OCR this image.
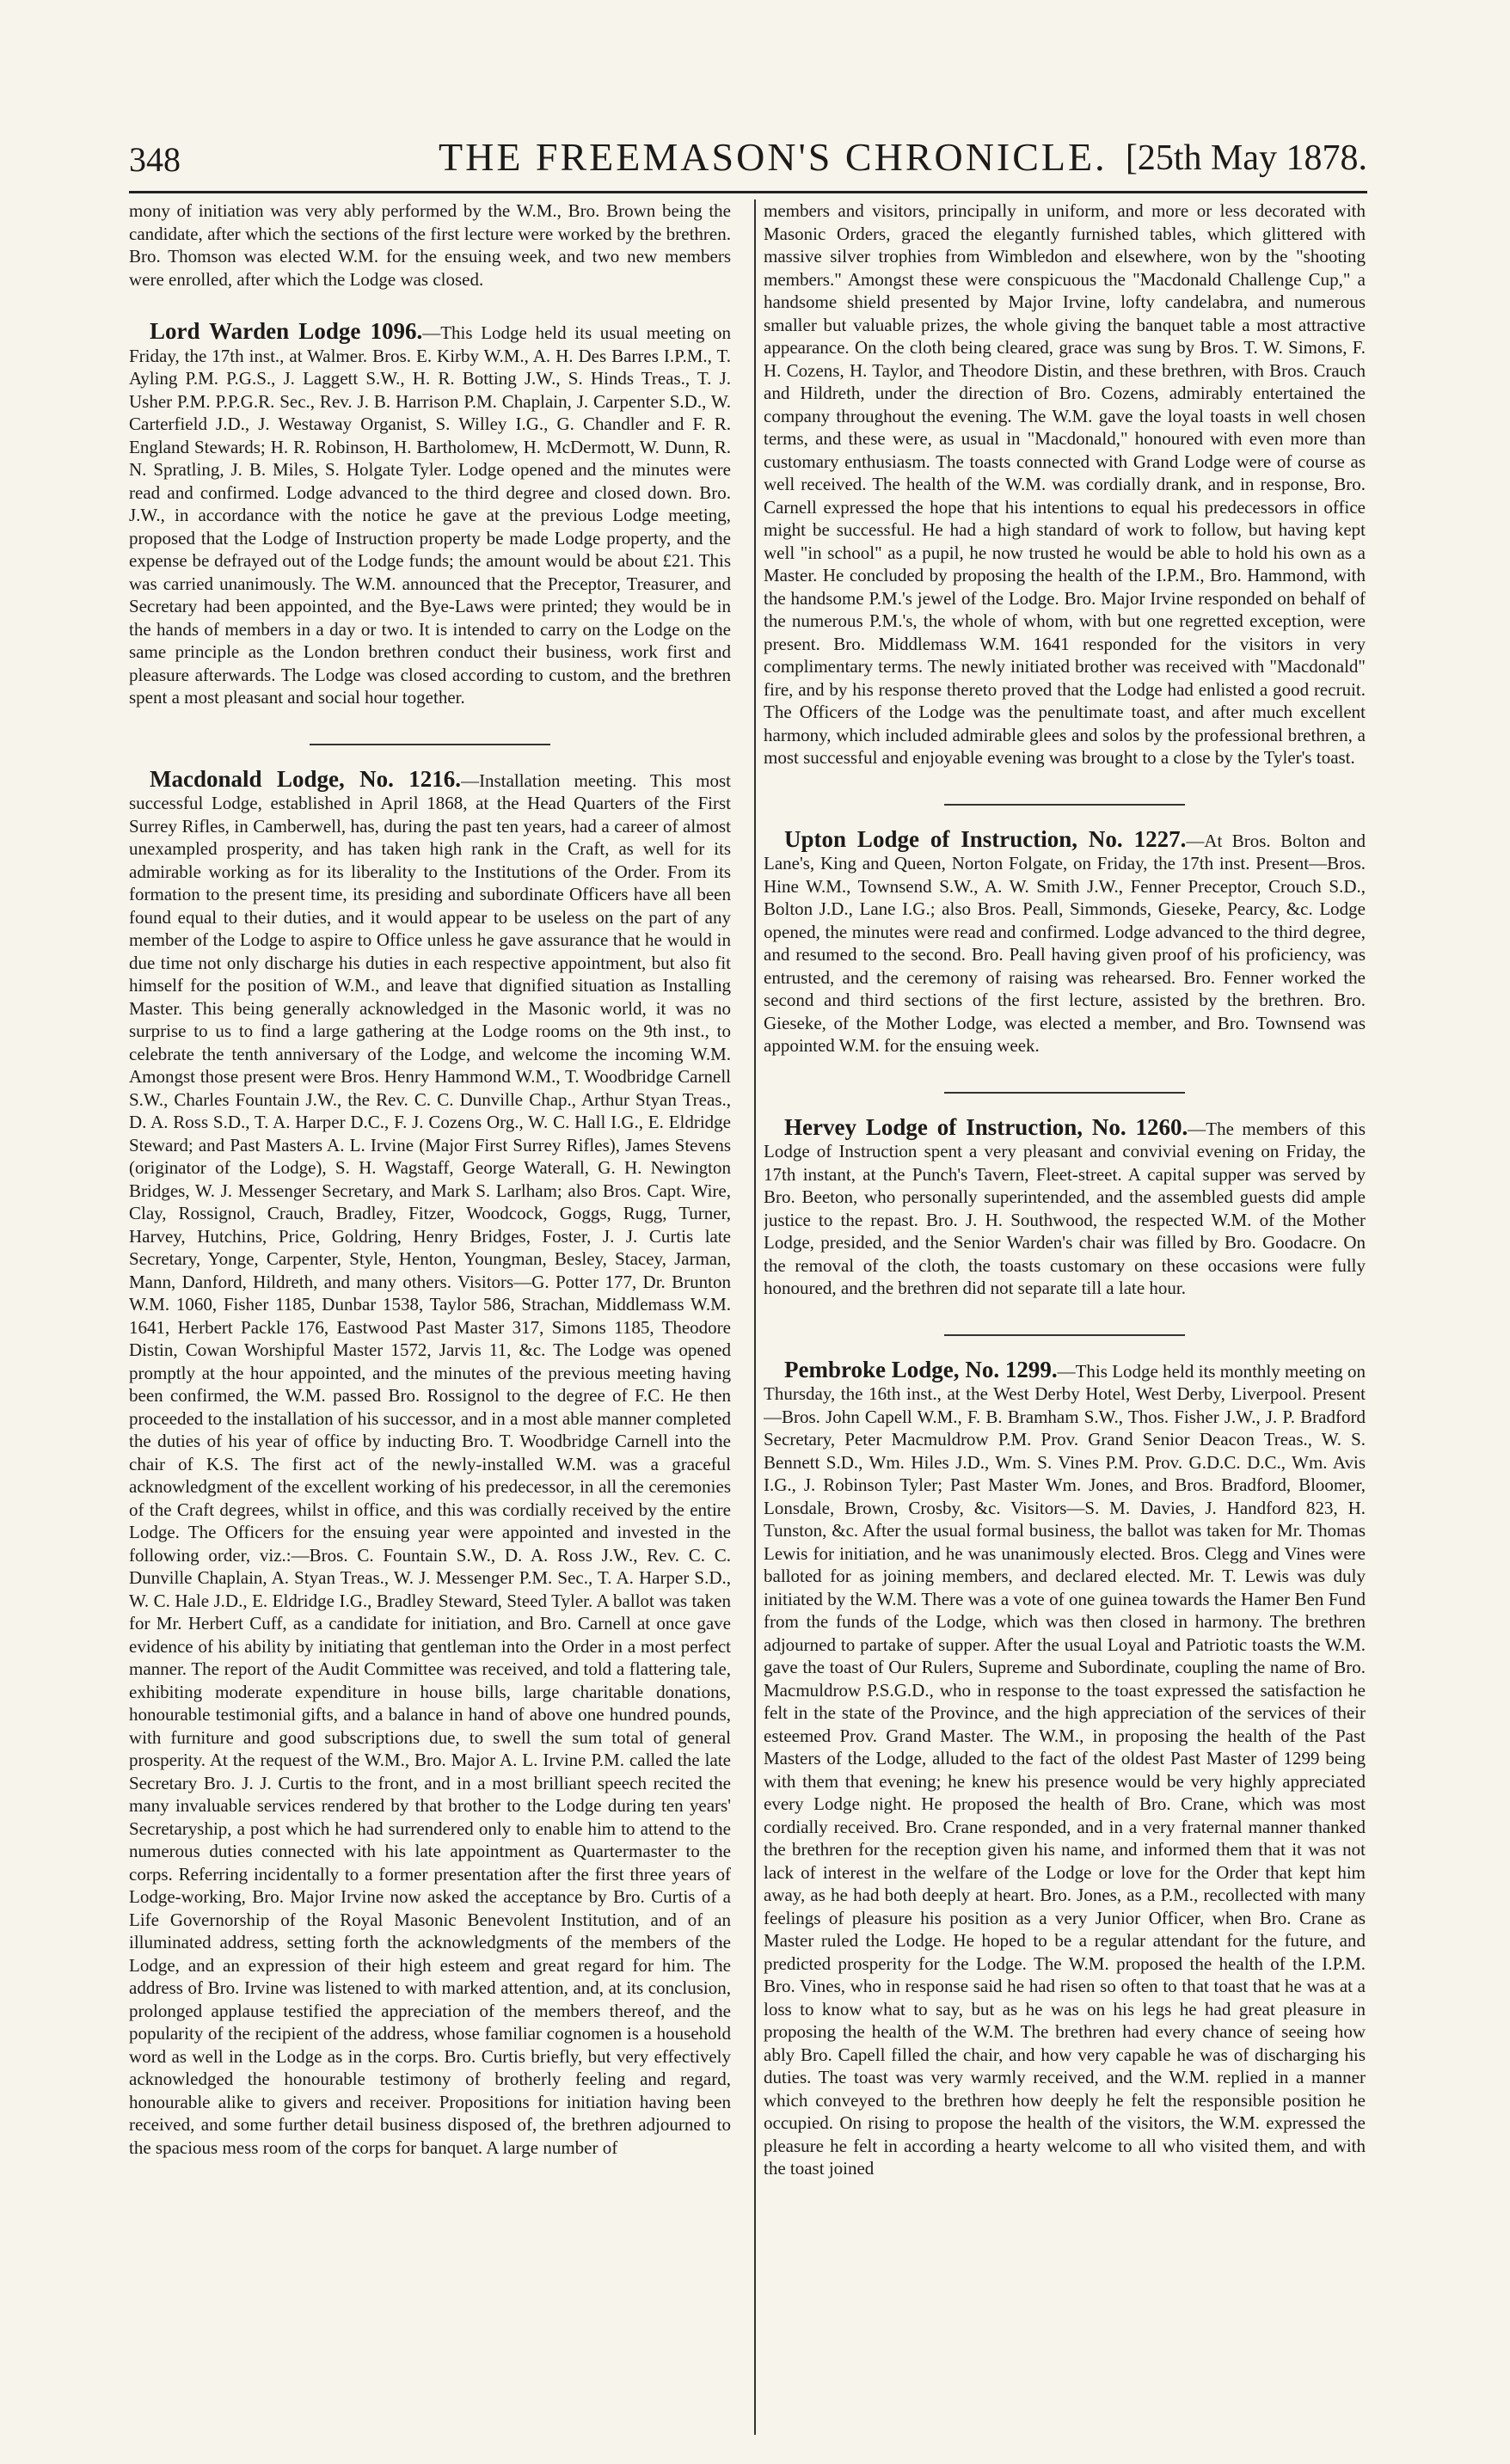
348	THE FREEMASON'S CHRONICLE. [25th May 1878.

mony of initiation was very ably performed by the W.M., Bro. Brown being the candidate, after which the sections of the first lecture were worked by the brethren. Bro. Thomson was elected W.M. for the ensuing week, and two new members were enrolled, after which the Lodge was closed.

Lord Warden Lodge 1096.—This Lodge held its usual meeting on Friday, the 17th inst., at Walmer. Bros. E. Kirby W.M., A. H. Des Barres I.P.M., T. Ayling P.M. P.G.S., J. Laggett S.W., H. R. Botting J.W., S. Hinds Treas., T. J. Usher P.M. P.P.G.R. Sec., Rev. J. B. Harrison P.M. Chaplain, J. Carpenter S.D., W. Carterfield J.D., J. Westaway Organist, S. Willey I.G., G. Chandler and F. R. England Stewards; H. R. Robinson, H. Bartholomew, H. McDermott, W. Dunn, R. N. Spratling, J. B. Miles, S. Holgate Tyler. Lodge opened and the minutes were read and confirmed. Lodge advanced to the third degree and closed down. Bro. J.W., in accordance with the notice he gave at the previous Lodge meeting, proposed that the Lodge of Instruction property be made Lodge property, and the expense be defrayed out of the Lodge funds; the amount would be about £21. This was carried unanimously. The W.M. announced that the Preceptor, Treasurer, and Secretary had been appointed, and the Bye-Laws were printed; they would be in the hands of members in a day or two. It is intended to carry on the Lodge on the same principle as the London brethren conduct their business, work first and pleasure afterwards. The Lodge was closed according to custom, and the brethren spent a most pleasant and social hour together.

Macdonald Lodge, No. 1216.—Installation meeting. This most successful Lodge, established in April 1868, at the Head Quarters of the First Surrey Rifles, in Camberwell, has, during the past ten years, had a career of almost unexampled prosperity, and has taken high rank in the Craft, as well for its admirable working as for its liberality to the Institutions of the Order. From its formation to the present time, its presiding and subordinate Officers have all been found equal to their duties, and it would appear to be useless on the part of any member of the Lodge to aspire to Office unless he gave assurance that he would in due time not only discharge his duties in each respective appointment, but also fit himself for the position of W.M., and leave that dignified situation as Installing Master. This being generally acknowledged in the Masonic world, it was no surprise to us to find a large gathering at the Lodge rooms on the 9th inst., to celebrate the tenth anniversary of the Lodge, and welcome the incoming W.M. Amongst those present were Bros. Henry Hammond W.M., T. Woodbridge Carnell S.W., Charles Fountain J.W., the Rev. C. C. Dunville Chap., Arthur Styan Treas., D. A. Ross S.D., T. A. Harper D.C., F. J. Cozens Org., W. C. Hall I.G., E. Eldridge Steward; and Past Masters A. L. Irvine (Major First Surrey Rifles), James Stevens (originator of the Lodge), S. H. Wagstaff, George Waterall, G. H. Newington Bridges, W. J. Messenger Secretary, and Mark S. Larlham; also Bros. Capt. Wire, Clay, Rossignol, Crauch, Bradley, Fitzer, Woodcock, Goggs, Rugg, Turner, Harvey, Hutchins, Price, Goldring, Henry Bridges, Foster, J. J. Curtis late Secretary, Yonge, Carpenter, Style, Henton, Youngman, Besley, Stacey, Jarman, Mann, Danford, Hildreth, and many others. Visitors—G. Potter 177, Dr. Brunton W.M. 1060, Fisher 1185, Dunbar 1538, Taylor 586, Strachan, Middlemass W.M. 1641, Herbert Packle 176, Eastwood Past Master 317, Simons 1185, Theodore Distin, Cowan Worshipful Master 1572, Jarvis 11, &c. The Lodge was opened promptly at the hour appointed, and the minutes of the previous meeting having been confirmed, the W.M. passed Bro. Rossignol to the degree of F.C. He then proceeded to the installation of his successor, and in a most able manner completed the duties of his year of office by inducting Bro. T. Woodbridge Carnell into the chair of K.S. The first act of the newly-installed W.M. was a graceful acknowledgment of the excellent working of his predecessor, in all the ceremonies of the Craft degrees, whilst in office, and this was cordially received by the entire Lodge. The Officers for the ensuing year were appointed and invested in the following order, viz.:—Bros. C. Fountain S.W., D. A. Ross J.W., Rev. C. C. Dunville Chaplain, A. Styan Treas., W. J. Messenger P.M. Sec., T. A. Harper S.D., W. C. Hale J.D., E. Eldridge I.G., Bradley Steward, Steed Tyler. A ballot was taken for Mr. Herbert Cuff, as a candidate for initiation, and Bro. Carnell at once gave evidence of his ability by initiating that gentleman into the Order in a most perfect manner. The report of the Audit Committee was received, and told a flattering tale, exhibiting moderate expenditure in house bills, large charitable donations, honourable testimonial gifts, and a balance in hand of above one hundred pounds, with furniture and good subscriptions due, to swell the sum total of general prosperity. At the request of the W.M., Bro. Major A. L. Irvine P.M. called the late Secretary Bro. J. J. Curtis to the front, and in a most brilliant speech recited the many invaluable services rendered by that brother to the Lodge during ten years' Secretaryship, a post which he had surrendered only to enable him to attend to the numerous duties connected with his late appointment as Quartermaster to the corps. Referring incidentally to a former presentation after the first three years of Lodge-working, Bro. Major Irvine now asked the acceptance by Bro. Curtis of a Life Governorship of the Royal Masonic Benevolent Institution, and of an illuminated address, setting forth the acknowledgments of the members of the Lodge, and an expression of their high esteem and great regard for him. The address of Bro. Irvine was listened to with marked attention, and, at its conclusion, prolonged applause testified the appreciation of the members thereof, and the popularity of the recipient of the address, whose familiar cognomen is a household word as well in the Lodge as in the corps. Bro. Curtis briefly, but very effectively acknowledged the honourable testimony of brotherly feeling and regard, honourable alike to givers and receiver. Propositions for initiation having been received, and some further detail business disposed of, the brethren adjourned to the spacious mess room of the corps for banquet. A large number of

members and visitors, principally in uniform, and more or less decorated with Masonic Orders, graced the elegantly furnished tables, which glittered with massive silver trophies from Wimbledon and elsewhere, won by the "shooting members." Amongst these were conspicuous the "Macdonald Challenge Cup," a handsome shield presented by Major Irvine, lofty candelabra, and numerous smaller but valuable prizes, the whole giving the banquet table a most attractive appearance. On the cloth being cleared, grace was sung by Bros. T. W. Simons, F. H. Cozens, H. Taylor, and Theodore Distin, and these brethren, with Bros. Crauch and Hildreth, under the direction of Bro. Cozens, admirably entertained the company throughout the evening. The W.M. gave the loyal toasts in well chosen terms, and these were, as usual in "Macdonald," honoured with even more than customary enthusiasm. The toasts connected with Grand Lodge were of course as well received. The health of the W.M. was cordially drank, and in response, Bro. Carnell expressed the hope that his intentions to equal his predecessors in office might be successful. He had a high standard of work to follow, but having kept well "in school" as a pupil, he now trusted he would be able to hold his own as a Master. He concluded by proposing the health of the I.P.M., Bro. Hammond, with the handsome P.M.'s jewel of the Lodge. Bro. Major Irvine responded on behalf of the numerous P.M.'s, the whole of whom, with but one regretted exception, were present. Bro. Middlemass W.M. 1641 responded for the visitors in very complimentary terms. The newly initiated brother was received with "Macdonald" fire, and by his response thereto proved that the Lodge had enlisted a good recruit. The Officers of the Lodge was the penultimate toast, and after much excellent harmony, which included admirable glees and solos by the professional brethren, a most successful and enjoyable evening was brought to a close by the Tyler's toast.

Upton Lodge of Instruction, No. 1227.—At Bros. Bolton and Lane's, King and Queen, Norton Folgate, on Friday, the 17th inst. Present—Bros. Hine W.M., Townsend S.W., A. W. Smith J.W., Fenner Preceptor, Crouch S.D., Bolton J.D., Lane I.G.; also Bros. Peall, Simmonds, Gieseke, Pearcy, &c. Lodge opened, the minutes were read and confirmed. Lodge advanced to the third degree, and resumed to the second. Bro. Peall having given proof of his proficiency, was entrusted, and the ceremony of raising was rehearsed. Bro. Fenner worked the second and third sections of the first lecture, assisted by the brethren. Bro. Gieseke, of the Mother Lodge, was elected a member, and Bro. Townsend was appointed W.M. for the ensuing week.

Hervey Lodge of Instruction, No. 1260.—The members of this Lodge of Instruction spent a very pleasant and convivial evening on Friday, the 17th instant, at the Punch's Tavern, Fleet-street. A capital supper was served by Bro. Beeton, who personally superintended, and the assembled guests did ample justice to the repast. Bro. J. H. Southwood, the respected W.M. of the Mother Lodge, presided, and the Senior Warden's chair was filled by Bro. Goodacre. On the removal of the cloth, the toasts customary on these occasions were fully honoured, and the brethren did not separate till a late hour.

Pembroke Lodge, No. 1299.—This Lodge held its monthly meeting on Thursday, the 16th inst., at the West Derby Hotel, West Derby, Liverpool. Present—Bros. John Capell W.M., F. B. Bramham S.W., Thos. Fisher J.W., J. P. Bradford Secretary, Peter Macmuldrow P.M. Prov. Grand Senior Deacon Treas., W. S. Bennett S.D., Wm. Hiles J.D., Wm. S. Vines P.M. Prov. G.D.C. D.C., Wm. Avis I.G., J. Robinson Tyler; Past Master Wm. Jones, and Bros. Bradford, Bloomer, Lonsdale, Brown, Crosby, &c. Visitors—S. M. Davies, J. Handford 823, H. Tunston, &c. After the usual formal business, the ballot was taken for Mr. Thomas Lewis for initiation, and he was unanimously elected. Bros. Clegg and Vines were balloted for as joining members, and declared elected. Mr. T. Lewis was duly initiated by the W.M. There was a vote of one guinea towards the Hamer Ben Fund from the funds of the Lodge, which was then closed in harmony. The brethren adjourned to partake of supper. After the usual Loyal and Patriotic toasts the W.M. gave the toast of Our Rulers, Supreme and Subordinate, coupling the name of Bro. Macmuldrow P.S.G.D., who in response to the toast expressed the satisfaction he felt in the state of the Province, and the high appreciation of the services of their esteemed Prov. Grand Master. The W.M., in proposing the health of the Past Masters of the Lodge, alluded to the fact of the oldest Past Master of 1299 being with them that evening; he knew his presence would be very highly appreciated every Lodge night. He proposed the health of Bro. Crane, which was most cordially received. Bro. Crane responded, and in a very fraternal manner thanked the brethren for the reception given his name, and informed them that it was not lack of interest in the welfare of the Lodge or love for the Order that kept him away, as he had both deeply at heart. Bro. Jones, as a P.M., recollected with many feelings of pleasure his position as a very Junior Officer, when Bro. Crane as Master ruled the Lodge. He hoped to be a regular attendant for the future, and predicted prosperity for the Lodge. The W.M. proposed the health of the I.P.M. Bro. Vines, who in response said he had risen so often to that toast that he was at a loss to know what to say, but as he was on his legs he had great pleasure in proposing the health of the W.M. The brethren had every chance of seeing how ably Bro. Capell filled the chair, and how very capable he was of discharging his duties. The toast was very warmly received, and the W.M. replied in a manner which conveyed to the brethren how deeply he felt the responsible position he occupied. On rising to propose the health of the visitors, the W.M. expressed the pleasure he felt in according a hearty welcome to all who visited them, and with the toast joined
